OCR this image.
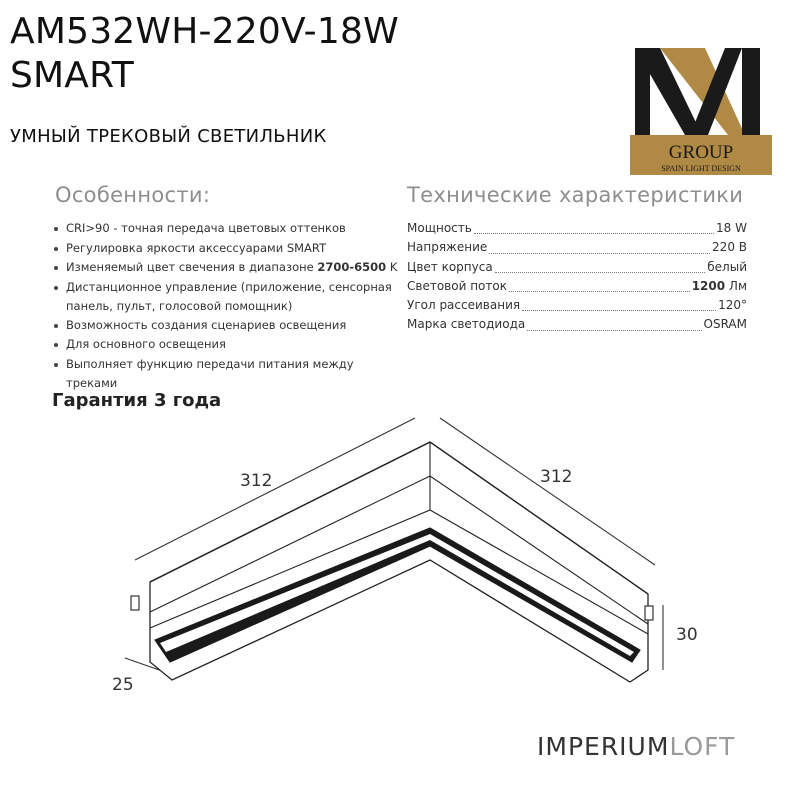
AM532WH-220V-18W
SMART
УМНЫЙ ТРЕКОВЫЙ СВЕТИЛЬНИК
GROUP
SPAIN LIGHT DESIGN
Особенности:
CRI>90 - точная передача цветовых оттенков
Регулировка яркости аксессуарами SMART
Изменяемый цвет свечения в диапазоне 2700-6500 K
Дистанционное управление (приложение, сенсорная панель, пульт, голосовой помощник)
Возможность создания сценариев освещения
Для основного освещения
Выполняет функцию передачи питания между треками
Технические характеристики
Мощность	18 W
Напряжение	220 В
Цвет корпуса	белый
Световой поток	1200 Лм
Угол рассеивания	120°
Марка светодиода	OSRAM
Гарантия 3 года
312	312
30
25
IMPERIUMLOFT
